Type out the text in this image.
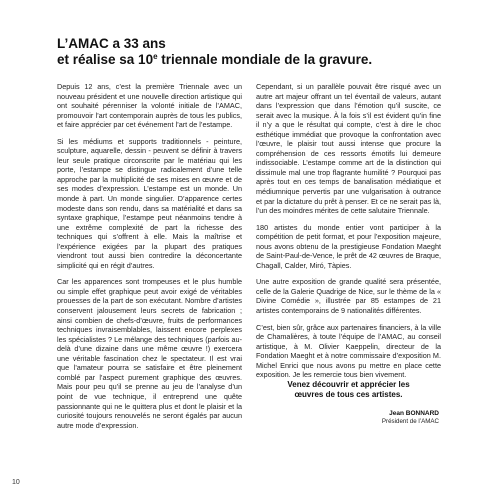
L’AMAC a 33 ans
et réalise sa 10e triennale mondiale de la gravure.

Depuis 12 ans, c’est la première Triennale avec un nouveau président et une nouvelle direction artistique qui ont souhaité pérenniser la volonté initiale de l’AMAC, promouvoir l’art contemporain auprès de tous les publics, et faire apprécier par cet événement l’art de l’estampe.

Si les médiums et supports traditionnels - peinture, sculpture, aquarelle, dessin - peuvent se définir à travers leur seule pratique circonscrite par le matériau qui les porte, l’estampe se distingue radicalement d’une telle approche par la multiplicité de ses mises en œuvre et de ses modes d’expression. L’estampe est un monde. Un monde à part. Un monde singulier. D’apparence certes modeste dans son rendu, dans sa matérialité et dans sa syntaxe graphique, l’estampe peut néanmoins tendre à une extrême complexité de part la richesse des techniques qui s’offrent à elle. Mais la maîtrise et l’expérience exigées par la plupart des pratiques viendront tout aussi bien contredire la déconcertante simplicité qui en régit d’autres.

Car les apparences sont trompeuses et le plus humble ou simple effet graphique peut avoir exigé de véritables prouesses de la part de son exécutant. Nombre d’artistes conservent jalousement leurs secrets de fabrication ; ainsi combien de chefs-d’œuvre, fruits de performances techniques invraisemblables, laissent encore perplexes les spécialistes ? Le mélange des techniques (parfois au-delà d’une dizaine dans une même œuvre !) exercera une véritable fascination chez le spectateur. Il est vrai que l’amateur pourra se satisfaire et être pleinement comblé par l’aspect purement graphique des œuvres. Mais pour peu qu’il se prenne au jeu de l’analyse d’un point de vue technique, il entreprend une quête passionnante qui ne le quittera plus et dont le plaisir et la curiosité toujours renouvelés ne seront égalés par aucun autre mode d’expression.

Cependant, si un parallèle pouvait être risqué avec un autre art majeur offrant un tel éventail de valeurs, autant dans l’expression que dans l’émotion qu’il suscite, ce serait avec la musique. À la fois s’il est évident qu’in fine il n’y a que le résultat qui compte, c’est à dire le choc esthétique immédiat que provoque la confrontation avec l’œuvre, le plaisir tout aussi intense que procure la compréhension de ces ressorts émotifs lui demeure indissociable. L’estampe comme art de la distinction qui dissimule mal une trop flagrante humilité ? Pourquoi pas après tout en ces temps de banalisation médiatique et médiumnique pervertis par une vulgarisation à outrance et par la dictature du prêt à penser. Et ce ne serait pas là, l’un des moindres mérites de cette salutaire Triennale.

180 artistes du monde entier vont participer à la compétition de petit format, et pour l’exposition majeure, nous avons obtenu de la prestigieuse Fondation Maeght de Saint-Paul-de-Vence, le prêt de 42 œuvres de Braque, Chagall, Calder, Miró, Tàpies.

Une autre exposition de grande qualité sera présentée, celle de la Galerie Quadrige de Nice, sur le thème de la « Divine Comédie », illustrée par 85 estampes de 21 artistes contemporains de 9 nationalités différentes.

C’est, bien sûr, grâce aux partenaires financiers, à la ville de Chamalières, à toute l’équipe de l’AMAC, au conseil artistique, à M. Olivier Kaeppelin, directeur de la Fondation Maeght et à notre commissaire d’exposition M. Michel Enrici que nous avons pu mettre en place cette exposition. Je les remercie tous bien vivement.

Venez découvrir et apprécier les
œuvres de tous ces artistes.
Jean BONNARD
Président de l’AMAC
10
